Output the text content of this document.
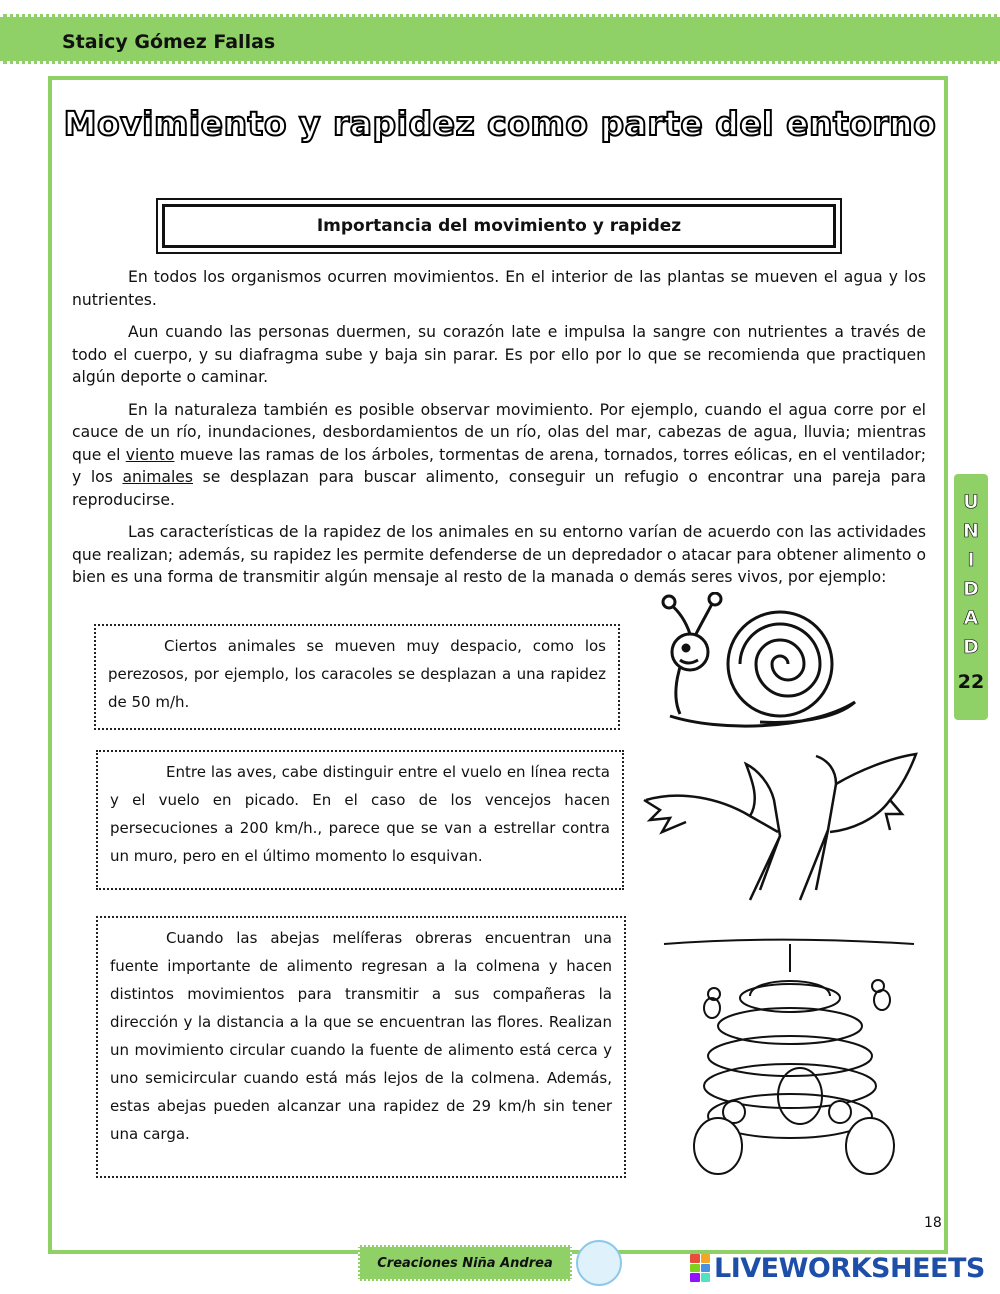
Staicy Gómez Fallas
Movimiento y rapidez como parte del entorno
Importancia del movimiento y rapidez

En todos los organismos ocurren movimientos. En el interior de las plantas se mueven el agua y los nutrientes.

Aun cuando las personas duermen, su corazón late e impulsa la sangre con nutrientes a través de todo el cuerpo, y su diafragma sube y baja sin parar. Es por ello por lo que se recomienda que practiquen algún deporte o caminar.

En la naturaleza también es posible observar movimiento. Por ejemplo, cuando el agua corre por el cauce de un río, inundaciones, desbordamientos de un río, olas del mar, cabezas de agua, lluvia; mientras que el viento mueve las ramas de los árboles, tormentas de arena, tornados, torres eólicas, en el ventilador; y los animales se desplazan para buscar alimento, conseguir un refugio o encontrar una pareja para reproducirse.

Las características de la rapidez de los animales en su entorno varían de acuerdo con las actividades que realizan; además, su rapidez les permite defenderse de un depredador o atacar para obtener alimento o bien es una forma de transmitir algún mensaje al resto de la manada o demás seres vivos, por ejemplo:

Ciertos animales se mueven muy despacio, como los perezosos, por ejemplo, los caracoles se desplazan a una rapidez de 50 m/h.

Entre las aves, cabe distinguir entre el vuelo en línea recta y el vuelo en picado. En el caso de los vencejos hacen persecuciones a 200 km/h., parece que se van a estrellar contra un muro, pero en el último momento lo esquivan.

Cuando las abejas melíferas obreras encuentran una fuente importante de alimento regresan a la colmena y hacen distintos movimientos para transmitir a sus compañeras la dirección y la distancia a la que se encuentran las flores. Realizan un movimiento circular cuando la fuente de alimento está cerca y uno semicircular cuando está más lejos de la colmena. Además, estas abejas pueden alcanzar una rapidez de 29 km/h sin tener una carga.

U
N
I
D
A
D
22
18
Creaciones Niña Andrea	LIVEWORKSHEETS
